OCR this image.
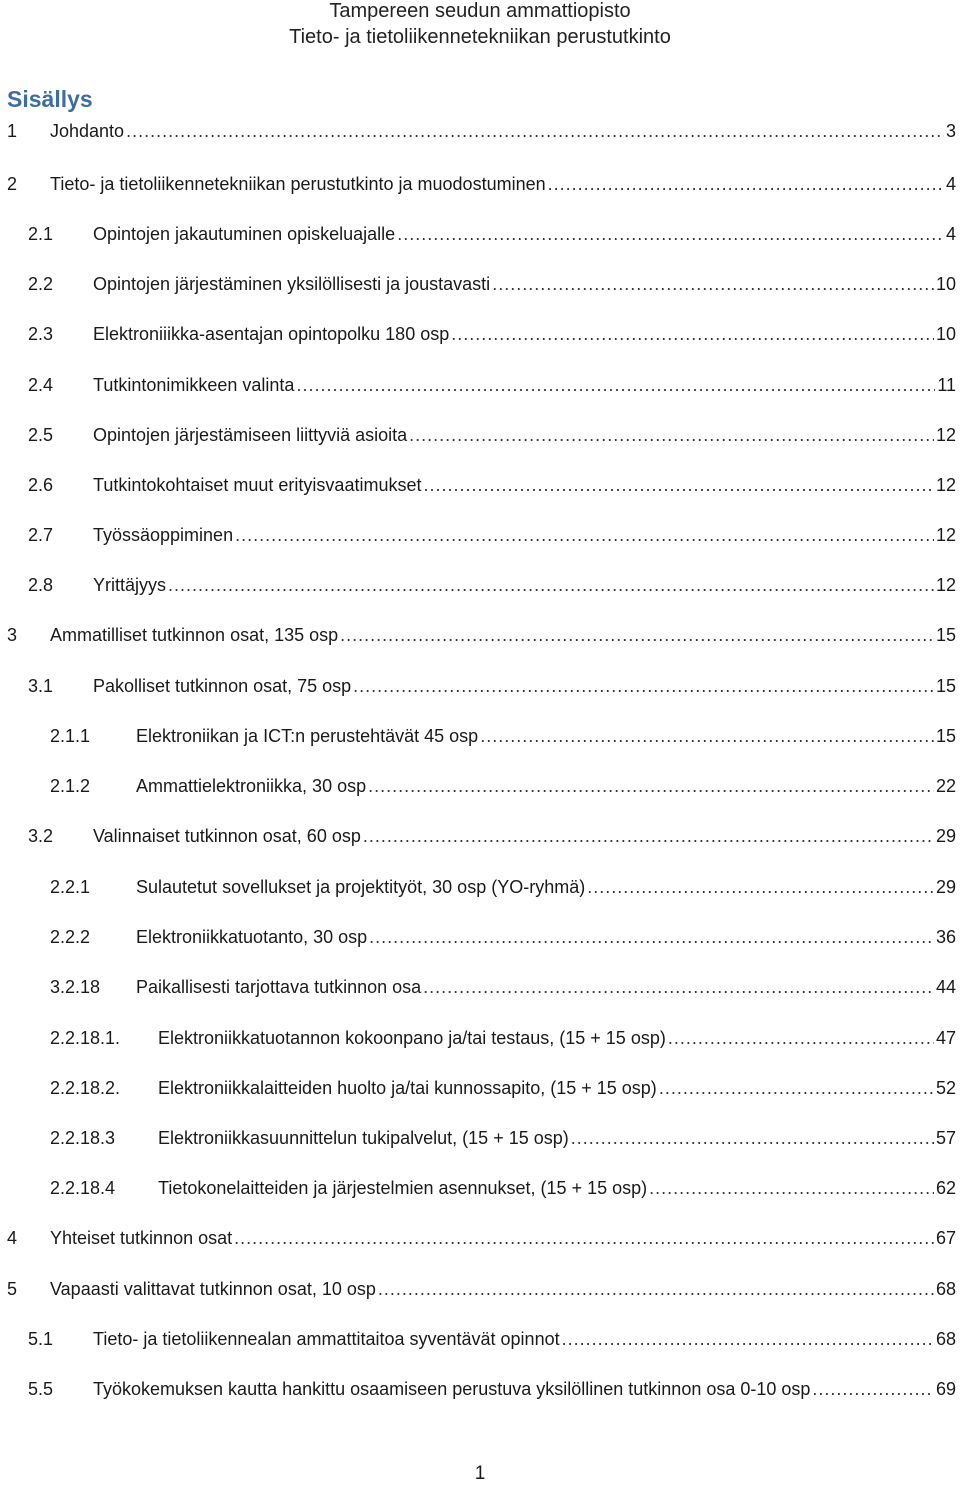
Tampereen seudun ammattiopisto
Tieto- ja tietoliikennetekniikan perustutkinto
Sisällys
1 Johdanto .....	3
2 Tieto- ja tietoliikennetekniikan perustutkinto ja muodostuminen .....	4
2.1 Opintojen jakautuminen opiskeluajalle .....	4
2.2 Opintojen järjestäminen yksilöllisesti ja joustavasti .....	10
2.3 Elektroniiikka-asentajan opintopolku 180 osp .....	10
2.4 Tutkintonimikkeen valinta .....	11
2.5 Opintojen järjestämiseen liittyviä asioita .....	12
2.6 Tutkintokohtaiset muut erityisvaatimukset .....	12
2.7 Työssäoppiminen .....	12
2.8 Yrittäjyys .....	12
3 Ammatilliset tutkinnon osat, 135 osp .....	15
3.1 Pakolliset tutkinnon osat, 75 osp .....	15
2.1.1	Elektroniikan ja ICT:n perustehtävät 45 osp .....	15
2.1.2	Ammattielektroniikka, 30 osp .....	22
3.2 Valinnaiset tutkinnon osat, 60 osp .....	29
2.2.1	Sulautetut sovellukset ja projektityöt, 30 osp (YO-ryhmä) .....	29
2.2.2	Elektroniikkatuotanto, 30 osp .....	36
3.2.18 Paikallisesti tarjottava tutkinnon osa .....	44
2.2.18.1. Elektroniikkatuotannon kokoonpano ja/tai testaus, (15 + 15 osp) .....	47
2.2.18.2. Elektroniikkalaitteiden huolto ja/tai kunnossapito, (15 + 15 osp) .....	52
2.2.18.3 Elektroniikkasuunnittelun tukipalvelut, (15 + 15 osp) .....	57
2.2.18.4 Tietokonelaitteiden ja järjestelmien asennukset, (15 + 15 osp) .....	62
4 Yhteiset tutkinnon osat .....	67
5 Vapaasti valittavat tutkinnon osat, 10 osp .....	68
5.1 Tieto- ja tietoliikennealan ammattitaitoa syventävät opinnot .....	68
5.5 Työkokemuksen kautta hankittu osaamiseen perustuva yksilöllinen tutkinnon osa 0-10 osp .....	69
1
